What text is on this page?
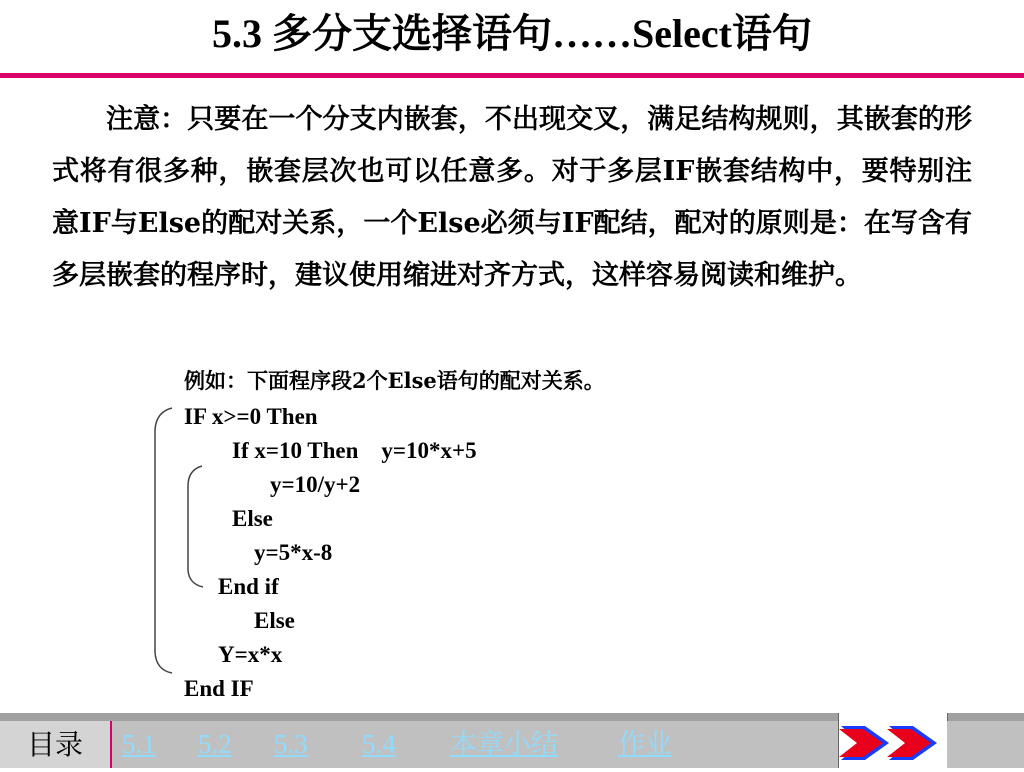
5.3 多分支选择语句……Select语句
注意：只要在一个分支内嵌套，不出现交叉，满足结构规则，其嵌套的形式将有很多种，嵌套层次也可以任意多。对于多层IF嵌套结构中，要特别注意IF与Else的配对关系，一个Else必须与IF配结，配对的原则是：在写含有多层嵌套的程序时，建议使用缩进对齐方式，这样容易阅读和维护。
例如：下面程序段2个Else语句的配对关系。
IF x>=0 Then
If x=10 Then    y=10*x+5
y=10/y+2
Else
y=5*x-8
End if
Else
Y=x*x
End IF
目录	5.1 5.2 5.3 5.4 本章小结 作业
